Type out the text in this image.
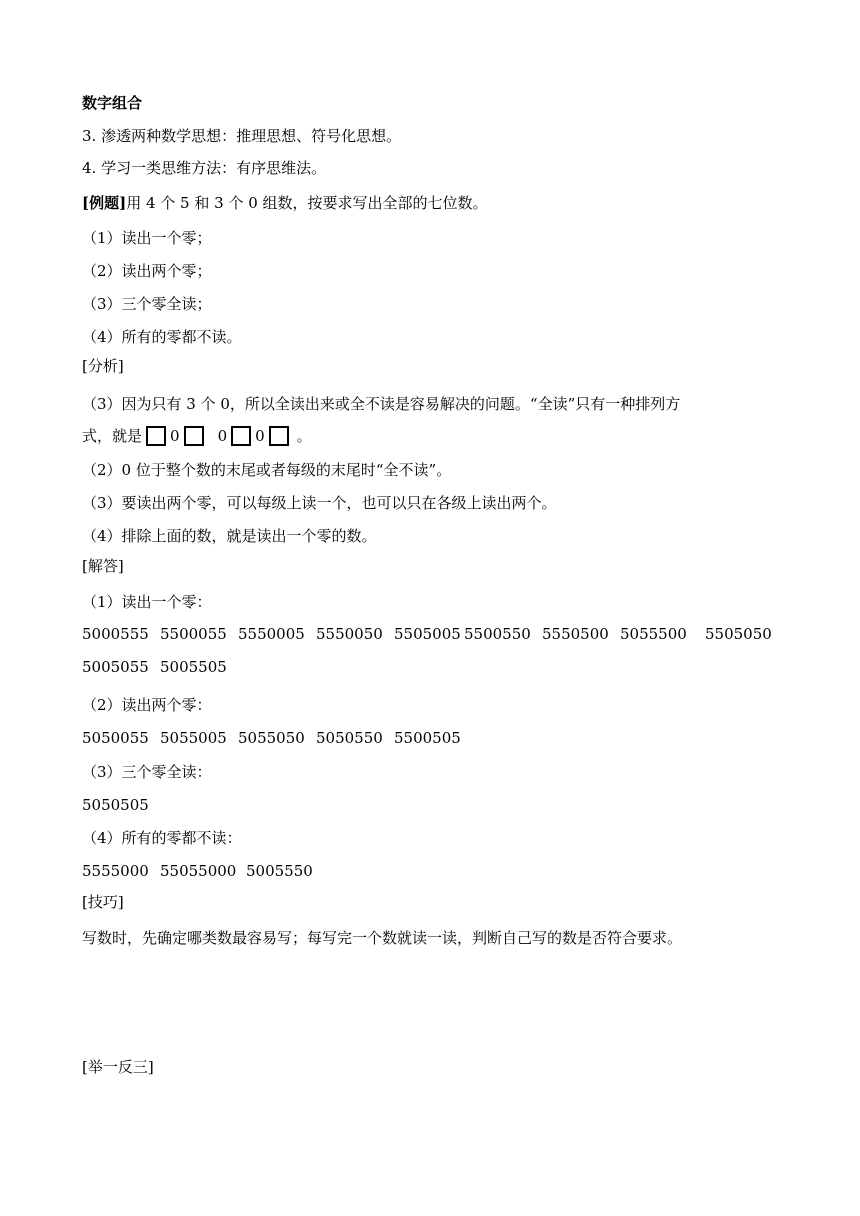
数字组合
3. 渗透两种数学思想：推理思想、符号化思想。
4. 学习一类思维方法：有序思维法。
[例题]用 4 个 5 和 3 个 0 组数，按要求写出全部的七位数。
（1）读出一个零；
（2）读出两个零；
（3）三个零全读；
（4）所有的零都不读。
[分析]
（3）因为只有 3 个 0，所以全读出来或全不读是容易解决的问题。“全读”只有一种排列方
式，就是 0	0 0 。
（2）0 位于整个数的末尾或者每级的末尾时“全不读”。
（3）要读出两个零，可以每级上读一个，也可以只在各级上读出两个。
（4）排除上面的数，就是读出一个零的数。
[解答]
（1）读出一个零：
5000555 5500055 5550005 5550050 5505005 5500550 5550500 5055500 5505050
5005055 5005505
（2）读出两个零：
5050055 5055005 5055050 5050550 5500505
（3）三个零全读：
5050505
（4）所有的零都不读：
5555000 55055000 5005550
[技巧]
写数时，先确定哪类数最容易写；每写完一个数就读一读，判断自己写的数是否符合要求。
[举一反三]
